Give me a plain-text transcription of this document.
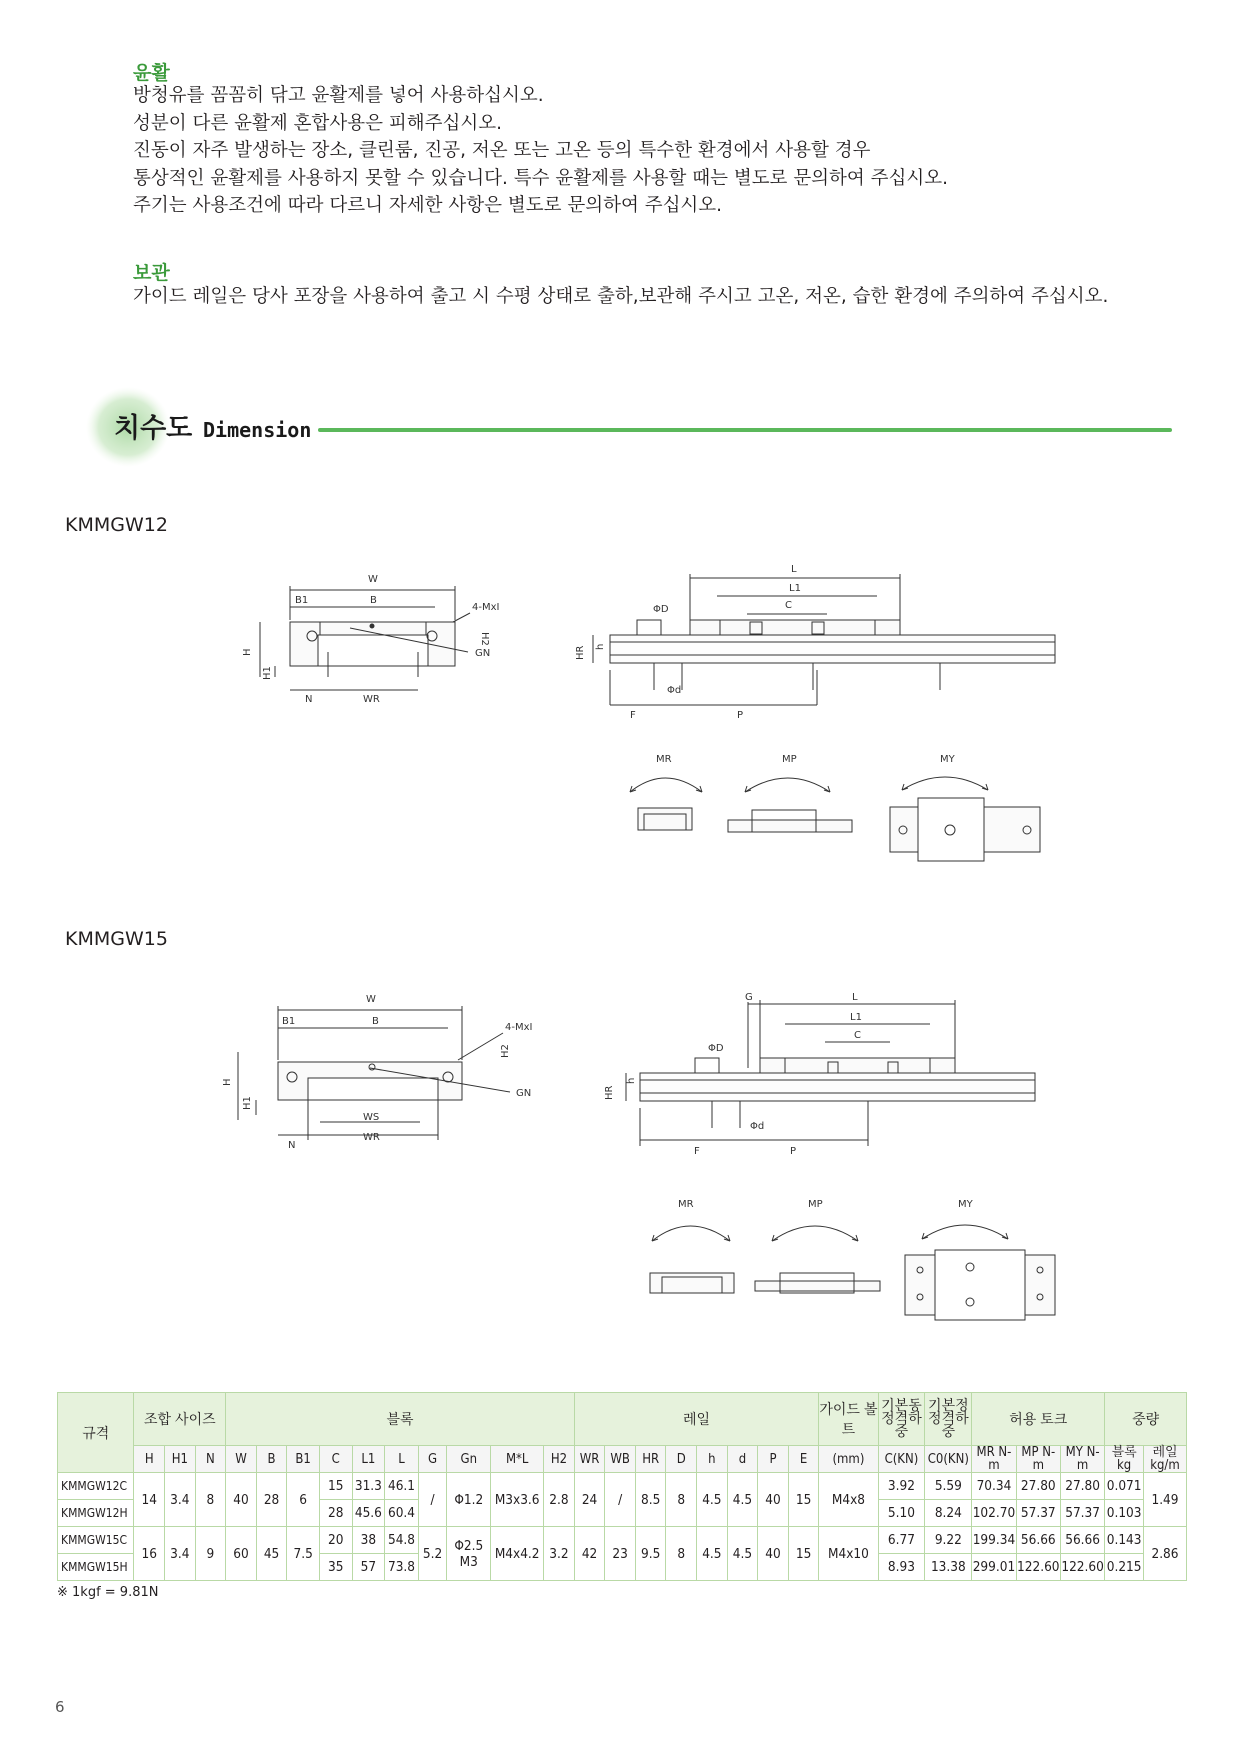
윤활
방청유를 꼼꼼히 닦고 윤활제를 넣어 사용하십시오.
성분이 다른 윤활제 혼합사용은 피해주십시오.
진동이 자주 발생하는 장소, 클린룸, 진공, 저온 또는 고온 등의 특수한 환경에서 사용할 경우
통상적인 윤활제를 사용하지 못할 수 있습니다. 특수 윤활제를 사용할 때는 별도로 문의하여 주십시오.
주기는 사용조건에 따라 다르니 자세한 사항은 별도로 문의하여 주십시오.
보관
가이드 레일은 당사 포장을 사용하여 출고 시 수평 상태로 출하,보관해 주시고 고온, 저온, 습한 환경에 주의하여 주십시오.
치수도 Dimension
KMMGW12
W
B1	B
4-MxI
GN
H2
H
H1
N	WR
L
L1
C
ΦD
HR h
Φd
F	P
MR	MP	MY
KMMGW15
W
B1	B
4-MxI
H2
GN
H
H1
WS
N
WR
G	L
L1
C
ΦD
HR
h
Φd
F	P
MR	MP	MY
규격	조합 사이즈			블록										레일								가이드 볼트	기본동 정격하중	기본정 정격하중	허용 토크			중량	
	H	H1	N	W	B	B1	C	L1	L	G	Gn	M*L	H2	WR	WB	HR	D	h	d	P	E	(mm)	C(KN)	C0(KN)	MR N-m	MP N-m	MY N-m	블록 kg	레일 kg/m
KMMGW12C	14	3.4	8	40	28	6	15	31.3	46.1	/	Φ1.2	M3x3.6	2.8	24	/	8.5	8	4.5	4.5	40	15	M4x8	3.92	5.59	70.34	27.80	27.80	0.071	1.49
KMMGW12H							28	45.6	60.4														5.10	8.24	102.70	57.37	57.37	0.103	
KMMGW15C	16	3.4	9	60	45	7.5	20	38	54.8	5.2	Φ2.5 M3	M4x4.2	3.2	42	23	9.5	8	4.5	4.5	40	15	M4x10	6.77	9.22	199.34	56.66	56.66	0.143	2.86
KMMGW15H							35	57	73.8														8.93	13.38	299.01	122.60	122.60	0.215	
※ 1kgf = 9.81N
6
